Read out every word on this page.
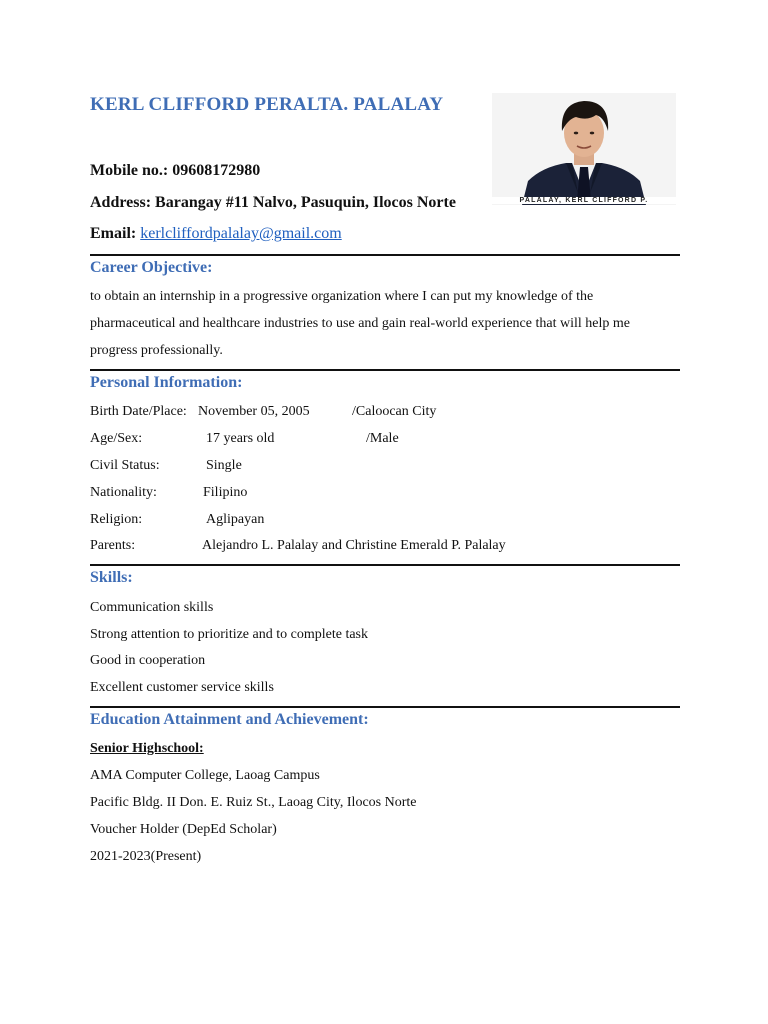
KERL CLIFFORD PERALTA. PALALAY
Mobile no.: 09608172980
Address: Barangay #11 Nalvo, Pasuquin, Ilocos Norte
Email: kerlcliffordpalalay@gmail.com
PALALAY, KERL CLIFFORD P.
Career Objective:
to obtain an internship in a progressive organization where I can put my knowledge of the
pharmaceutical and healthcare industries to use and gain real-world experience that will help me
progress professionally.
Personal Information:
Birth Date/Place: November 05, 2005	/Caloocan City
Age/Sex:	17 years old	/Male
Civil Status:	Single
Nationality:	Filipino
Religion:	Aglipayan
Parents:	Alejandro L. Palalay and Christine Emerald P. Palalay
Skills:
Communication skills
Strong attention to prioritize and to complete task
Good in cooperation
Excellent customer service skills
Education Attainment and Achievement:
Senior Highschool:
AMA Computer College, Laoag Campus
Pacific Bldg. II Don. E. Ruiz St., Laoag City, Ilocos Norte
Voucher Holder (DepEd Scholar)
2021-2023(Present)
